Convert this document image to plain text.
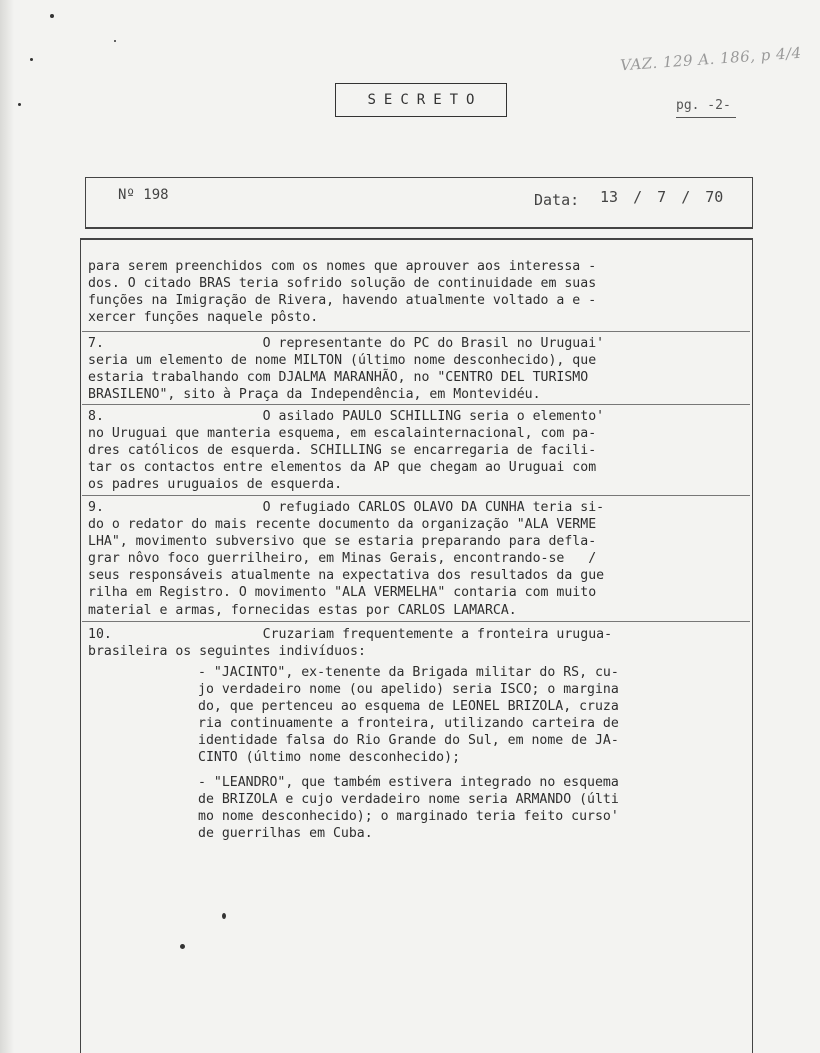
VAZ. 129 A. 186, p 4/4
SECRETO	pg. -2-
Nº 198	Data: 13 / 7 / 70
para serem preenchidos com os nomes que aprouver aos interessa -
dos. O citado BRAS teria sofrido solução de continuidade em suas
funções na Imigração de Rivera, havendo atualmente voltado a e -
xercer funções naquele pôsto.
7.                    O representante do PC do Brasil no Uruguai'
seria um elemento de nome MILTON (último nome desconhecido), que
estaria trabalhando com DJALMA MARANHÃO, no "CENTRO DEL TURISMO
BRASILENO", sito à Praça da Independência, em Montevidéu.
8.                    O asilado PAULO SCHILLING seria o elemento'
no Uruguai que manteria esquema, em escalainternacional, com pa-
dres católicos de esquerda. SCHILLING se encarregaria de facili-
tar os contactos entre elementos da AP que chegam ao Uruguai com
os padres uruguaios de esquerda.
9.                    O refugiado CARLOS OLAVO DA CUNHA teria si-
do o redator do mais recente documento da organização "ALA VERME
LHA", movimento subversivo que se estaria preparando para defla-
grar nôvo foco guerrilheiro, em Minas Gerais, encontrando-se   /
seus responsáveis atualmente na expectativa dos resultados da gue
rilha em Registro. O movimento "ALA VERMELHA" contaria com muito
material e armas, fornecidas estas por CARLOS LAMARCA.
10.                   Cruzariam frequentemente a fronteira urugua-
brasileira os seguintes indivíduos:
- "JACINTO", ex-tenente da Brigada militar do RS, cu-
jo verdadeiro nome (ou apelido) seria ISCO; o margina
do, que pertenceu ao esquema de LEONEL BRIZOLA, cruza
ria continuamente a fronteira, utilizando carteira de
identidade falsa do Rio Grande do Sul, em nome de JA-
CINTO (último nome desconhecido);
- "LEANDRO", que também estivera integrado no esquema
de BRIZOLA e cujo verdadeiro nome seria ARMANDO (últi
mo nome desconhecido); o marginado teria feito curso'
de guerrilhas em Cuba.
